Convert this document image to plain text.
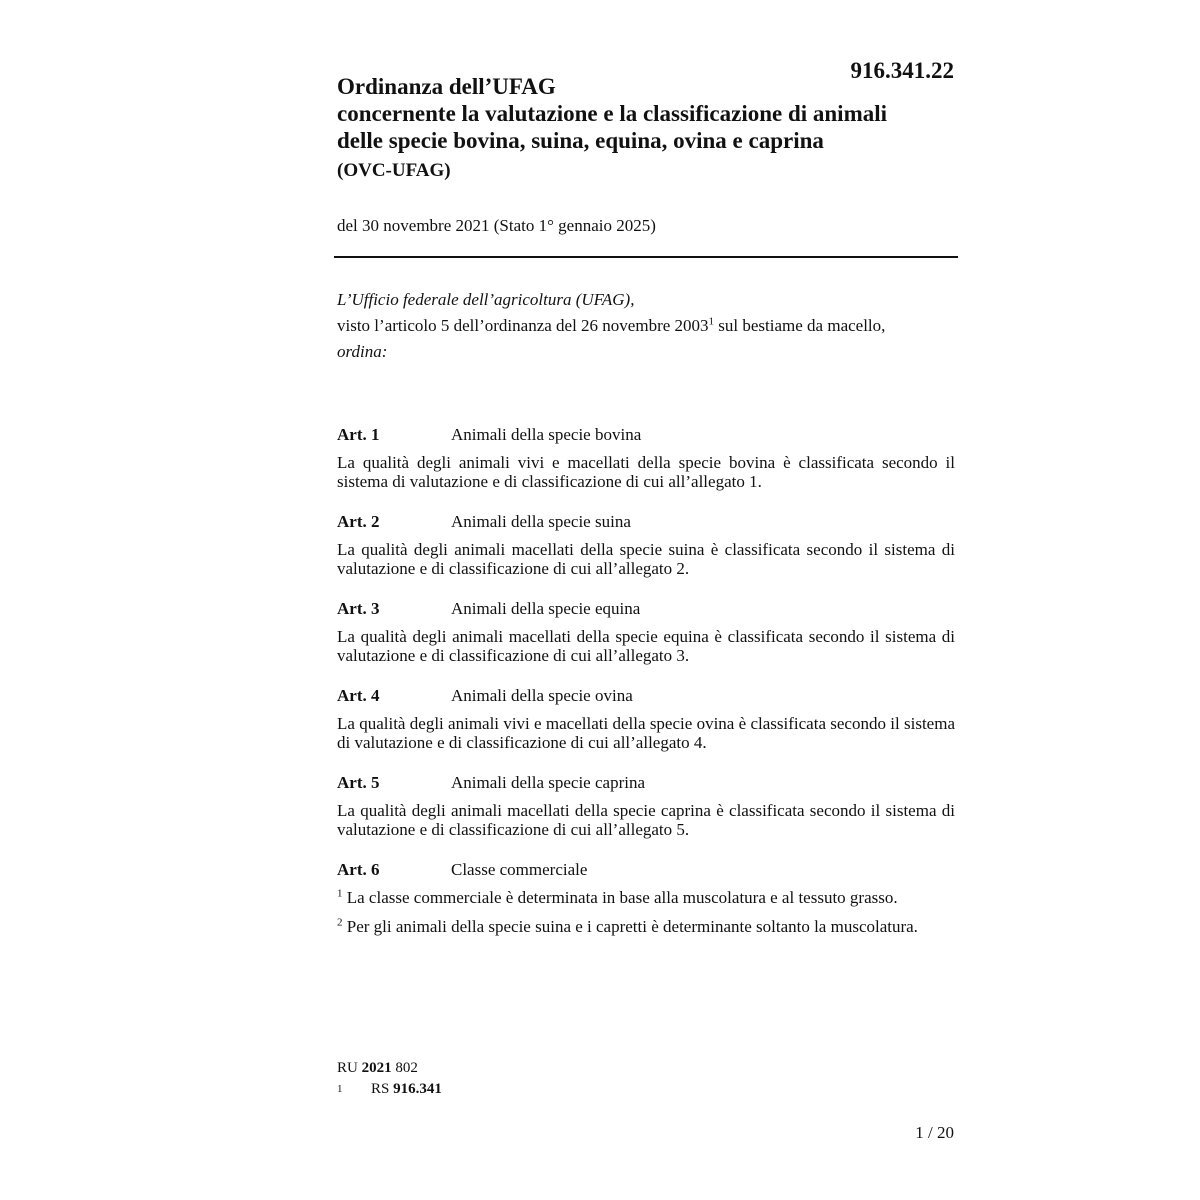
916.341.22
Ordinanza dell’UFAG
concernente la valutazione e la classificazione di animali
delle specie bovina, suina, equina, ovina e caprina
(OVC-UFAG)
del 30 novembre 2021 (Stato 1° gennaio 2025)
L’Ufficio federale dell’agricoltura (UFAG),
visto l’articolo 5 dell’ordinanza del 26 novembre 2003$^1$ sul bestiame da macello,
ordina:
Art. 1	Animali della specie bovina
La qualità degli animali vivi e macellati della specie bovina è classificata secondo il sistema di valutazione e di classificazione di cui all’allegato 1.
Art. 2	Animali della specie suina
La qualità degli animali macellati della specie suina è classificata secondo il sistema di valutazione e di classificazione di cui all’allegato 2.
Art. 3	Animali della specie equina
La qualità degli animali macellati della specie equina è classificata secondo il sistema di valutazione e di classificazione di cui all’allegato 3.
Art. 4	Animali della specie ovina
La qualità degli animali vivi e macellati della specie ovina è classificata secondo il sistema di valutazione e di classificazione di cui all’allegato 4.
Art. 5	Animali della specie caprina
La qualità degli animali macellati della specie caprina è classificata secondo il sistema di valutazione e di classificazione di cui all’allegato 5.
Art. 6	Classe commerciale
$^1$ La classe commerciale è determinata in base alla muscolatura e al tessuto grasso.
$^2$ Per gli animali della specie suina e i capretti è determinante soltanto la muscolatura.
RU 2021 802
1	RS 916.341
1 / 20
